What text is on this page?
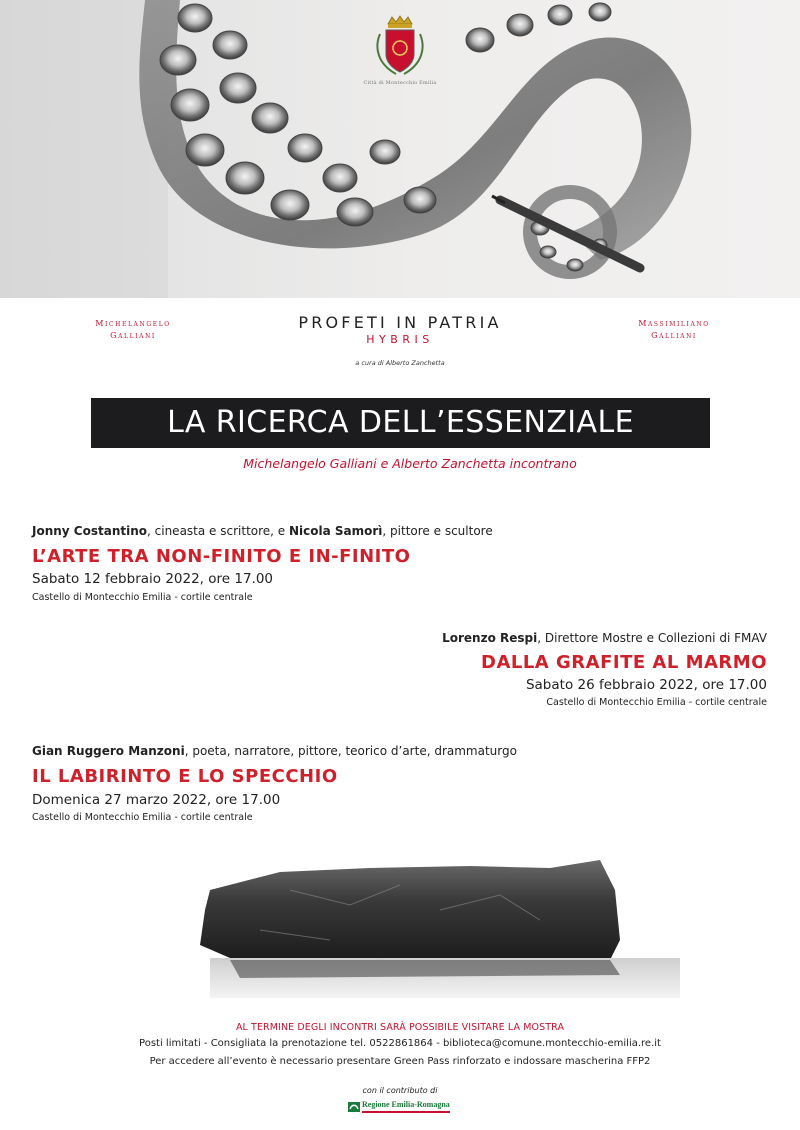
Città di Montecchio Emilia
Michelangelo
Galliani
Massimiliano
Galliani
PROFETI IN PATRIA
HYBRIS
a cura di Alberto Zanchetta
LA RICERCA DELL’ESSENZIALE
Michelangelo Galliani e Alberto Zanchetta incontrano
Jonny Costantino, cineasta e scrittore, e Nicola Samorì, pittore e scultore
L’ARTE TRA NON-FINITO E IN-FINITO
Sabato 12 febbraio 2022, ore 17.00
Castello di Montecchio Emilia - cortile centrale
Lorenzo Respi, Direttore Mostre e Collezioni di FMAV
DALLA GRAFITE AL MARMO
Sabato 26 febbraio 2022, ore 17.00
Castello di Montecchio Emilia - cortile centrale
Gian Ruggero Manzoni, poeta, narratore, pittore, teorico d’arte, drammaturgo
IL LABIRINTO E LO SPECCHIO
Domenica 27 marzo 2022, ore 17.00
Castello di Montecchio Emilia - cortile centrale
AL TERMINE DEGLI INCONTRI SARÀ POSSIBILE VISITARE LA MOSTRA
Posti limitati - Consigliata la prenotazione tel. 0522861864 - biblioteca@comune.montecchio-emilia.re.it
Per accedere all’evento è necessario presentare Green Pass rinforzato e indossare mascherina FFP2
con il contributo di
Regione Emilia-Romagna
